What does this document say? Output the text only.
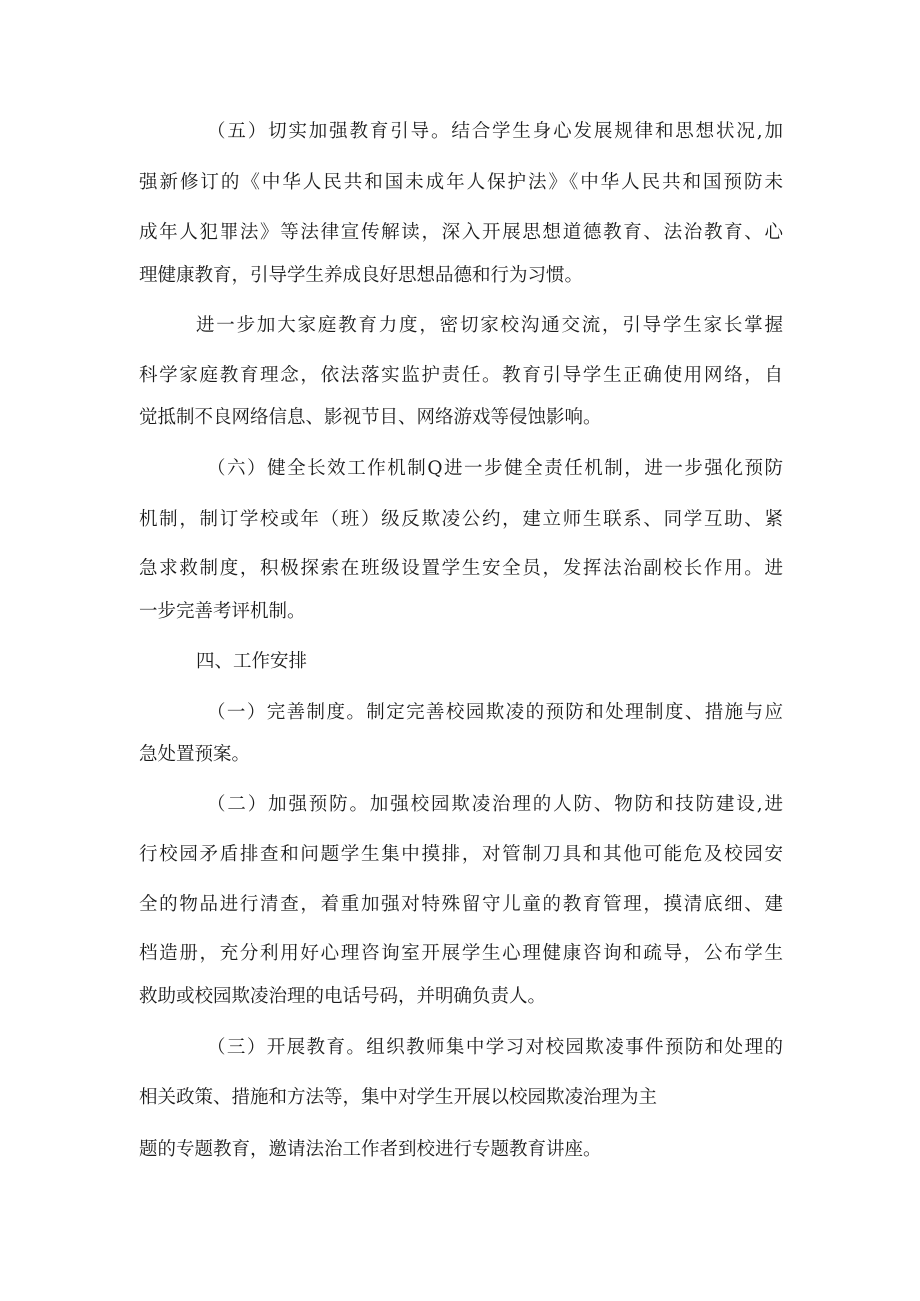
（五）切实加强教育引导。结合学生身心发展规律和思想状况,加
强新修订的《中华人民共和国未成年人保护法》《中华人民共和国预防未
成年人犯罪法》等法律宣传解读，深入开展思想道德教育、法治教育、心
理健康教育，引导学生养成良好思想品德和行为习惯。
进一步加大家庭教育力度，密切家校沟通交流，引导学生家长掌握
科学家庭教育理念，依法落实监护责任。教育引导学生正确使用网络，自
觉抵制不良网络信息、影视节目、网络游戏等侵蚀影响。
（六）健全长效工作机制Q进一步健全责任机制，进一步强化预防
机制，制订学校或年（班）级反欺凌公约，建立师生联系、同学互助、紧
急求救制度，积极探索在班级设置学生安全员，发挥法治副校长作用。进
一步完善考评机制。
四、工作安排
（一）完善制度。制定完善校园欺凌的预防和处理制度、措施与应
急处置预案。
（二）加强预防。加强校园欺凌治理的人防、物防和技防建设,进
行校园矛盾排查和问题学生集中摸排，对管制刀具和其他可能危及校园安
全的物品进行清查，着重加强对特殊留守儿童的教育管理，摸清底细、建
档造册，充分利用好心理咨询室开展学生心理健康咨询和疏导，公布学生
救助或校园欺凌治理的电话号码，并明确负责人。
（三）开展教育。组织教师集中学习对校园欺凌事件预防和处理的
相关政策、措施和方法等，集中对学生开展以校园欺凌治理为主
题的专题教育，邀请法治工作者到校进行专题教育讲座。
